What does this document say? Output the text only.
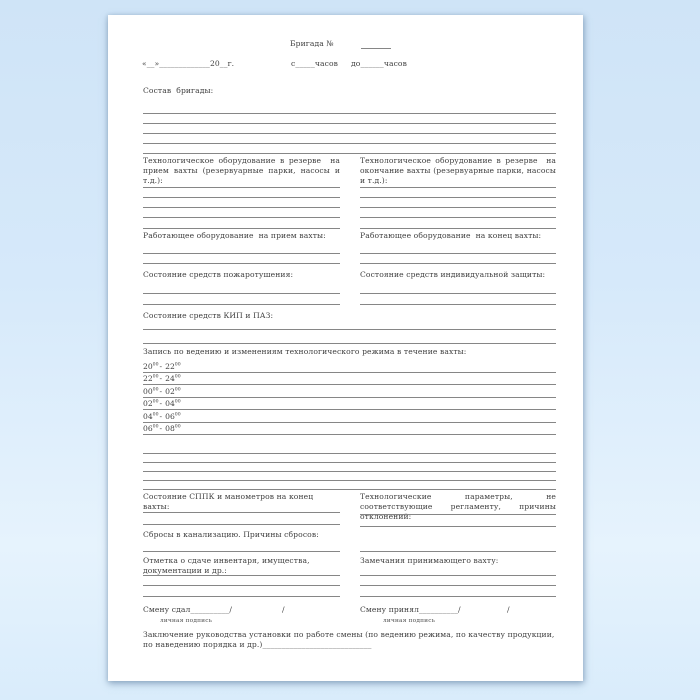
Бригада №
«__»_____________20__г.	с_____часов до______часов
Состав  бригады:
Технологическое оборудование в резерве  на прием вахты (резервуарные парки, насосы и т.д.):
Технологическое оборудование в резерве  на окончание вахты (резервуарные парки, насосы и т.д.):
Работающее оборудование  на прием вахты:	Работающее оборудование  на конец вахты:
Состояние средств пожаротушения:	Состояние средств индивидуальной защиты:
Состояние средств КИП и ПАЗ:
Запись по ведению и изменениям технологического режима в течение вахты:
$20^{00}-$ $22^{00}$
$22^{00}-$ $24^{00}$
$00^{00}-$ $02^{00}$
$02^{00}-$ $04^{00}$
$04^{00}-$ $06^{00}$
$06^{00}-$ $08^{00}$
Состояние СППК и манометров на конец вахты:
Технологические параметры, не соответствующие регламенту, причины отклонений:
Сбросы в канализацию. Причины сбросов:
Отметка о сдаче инвентаря, имущества, документации и др.:
Замечания принимающего вахту:
Смену сдал__________/	/
личная подпись
Смену принял__________/	/
личная подпись
Заключение руководства установки по работе смены (по ведению режима, по качеству продукции, по наведению порядка и др.)____________________________
